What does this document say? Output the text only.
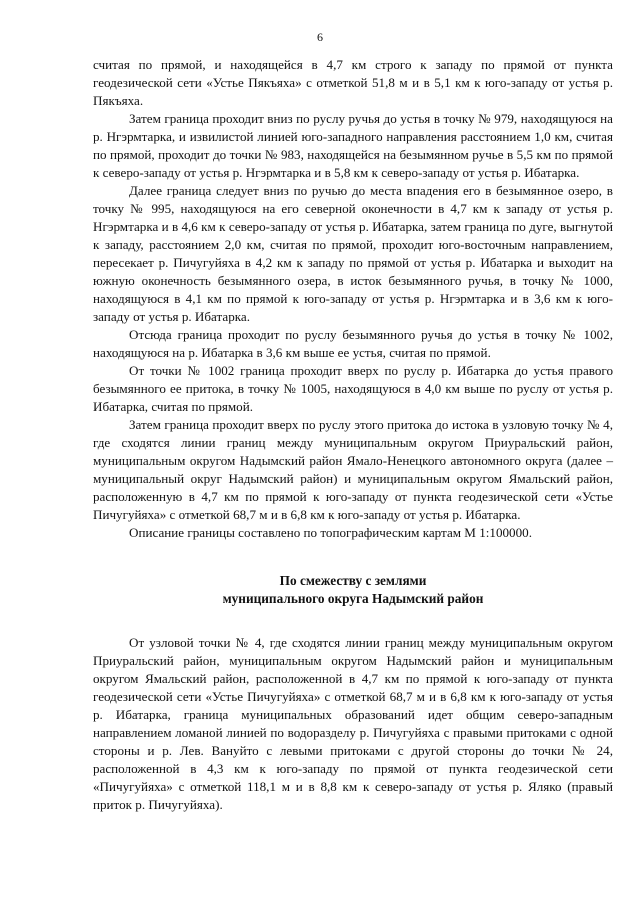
6

считая по прямой, и находящейся в 4,7 км строго к западу по прямой от пункта геодезической сети «Устье Пякъяха» с отметкой 51,8 м и в 5,1 км к юго-западу от устья р. Пякъяха.

Затем граница проходит вниз по руслу ручья до устья в точку № 979, находящуюся на р. Нгэрмтарка, и извилистой линией юго-западного направления расстоянием 1,0 км, считая по прямой, проходит до точки № 983, находящейся на безымянном ручье в 5,5 км по прямой к северо-западу от устья р. Нгэрмтарка и в 5,8 км к северо-западу от устья р. Ибатарка.

Далее граница следует вниз по ручью до места впадения его в безымянное озеро, в точку № 995, находящуюся на его северной оконечности в 4,7 км к западу от устья р. Нгэрмтарка и в 4,6 км к северо-западу от устья р. Ибатарка, затем граница по дуге, выгнутой к западу, расстоянием 2,0 км, считая по прямой, проходит юго-восточным направлением, пересекает р. Пичугуйяха в 4,2 км к западу по прямой от устья р. Ибатарка и выходит на южную оконечность безымянного озера, в исток безымянного ручья, в точку № 1000, находящуюся в 4,1 км по прямой к юго-западу от устья р. Нгэрмтарка и в 3,6 км к юго-западу от устья р. Ибатарка.

Отсюда граница проходит по руслу безымянного ручья до устья в точку № 1002, находящуюся на р. Ибатарка в 3,6 км выше ее устья, считая по прямой.

От точки № 1002 граница проходит вверх по руслу р. Ибатарка до устья правого безымянного ее притока, в точку № 1005, находящуюся в 4,0 км выше по руслу от устья р. Ибатарка, считая по прямой.

Затем граница проходит вверх по руслу этого притока до истока в узловую точку № 4, где сходятся линии границ между муниципальным округом Приуральский район, муниципальным округом Надымский район Ямало-Ненецкого автономного округа (далее – муниципальный округ Надымский район) и муниципальным округом Ямальский район, расположенную в 4,7 км по прямой к юго-западу от пункта геодезической сети «Устье Пичугуйяха» с отметкой 68,7 м и в 6,8 км к юго-западу от устья р. Ибатарка.

Описание границы составлено по топографическим картам М 1:100000.

По смежеству с землями
муниципального округа Надымский район

От узловой точки № 4, где сходятся линии границ между муниципальным округом Приуральский район, муниципальным округом Надымский район и муниципальным округом Ямальский район, расположенной в 4,7 км по прямой к юго-западу от пункта геодезической сети «Устье Пичугуйяха» с отметкой 68,7 м и в 6,8 км к юго-западу от устья р. Ибатарка, граница муниципальных образований идет общим северо-западным направлением ломаной линией по водоразделу р. Пичугуйяха с правыми притоками с одной стороны и р. Лев. Вануйто с левыми притоками с другой стороны до точки № 24, расположенной в 4,3 км к юго-западу по прямой от пункта геодезической сети «Пичугуйяха» с отметкой 118,1 м и в 8,8 км к северо-западу от устья р. Яляко (правый приток р. Пичугуйяха).
